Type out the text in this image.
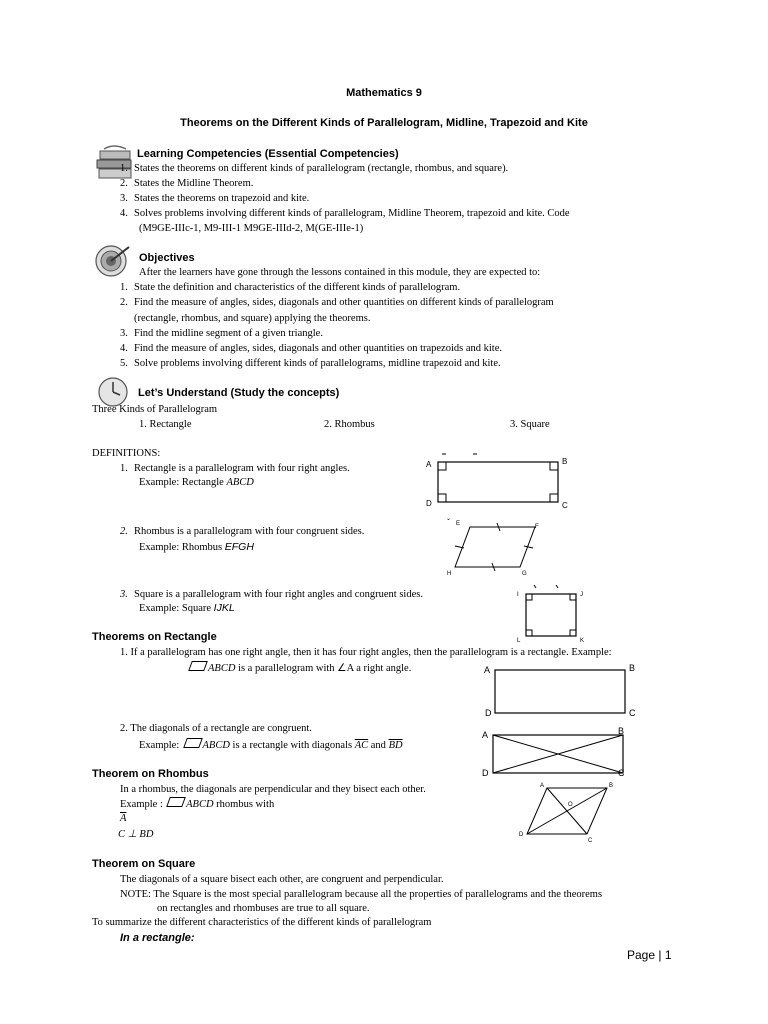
Mathematics 9
Theorems on the Different Kinds of Parallelogram, Midline, Trapezoid and Kite
Learning Competencies (Essential Competencies)
1. States the theorems on different kinds of parallelogram (rectangle, rhombus, and square).
2. States the Midline Theorem.
3. States the theorems on trapezoid and kite.
4. Solves problems involving different kinds of parallelogram, Midline Theorem, trapezoid and kite. Code
(M9GE-IIIc-1, M9-III-1 M9GE-IIId-2, M(GE-IIIe-1)
Objectives
After the learners have gone through the lessons contained in this module, they are expected to:
1. State the definition and characteristics of the different kinds of parallelogram.
2. Find the measure of angles, sides, diagonals and other quantities on different kinds of parallelogram
(rectangle, rhombus, and square) applying the theorems.
3. Find the midline segment of a given triangle.
4. Find the measure of angles, sides, diagonals and other quantities on trapezoids and kite.
5. Solve problems involving different kinds of parallelograms, midline trapezoid and kite.
Let’s Understand (Study the concepts)
Three Kinds of Parallelogram
1. Rectangle	2. Rhombus	3. Square
DEFINITIONS:
1. Rectangle is a parallelogram with four right angles.
Example: Rectangle ABCD
2. Rhombus is a parallelogram with four congruent sides.
Example: Rhombus EFGH
3. Square is a parallelogram with four right angles and congruent sides.
Example: Square IJKL
A	B
C
D
⌄
E	F
G
H
I	J
K
L
Theorems on Rectangle
1. If a parallelogram has one right angle, then it has four right angles, then the parallelogram is a rectangle. Example:
ABCD is a parallelogram with ∠A a right angle.	A	B
C
D
2. The diagonals of a rectangle are congruent.
Example: ABCD is a rectangle with diagonals $\overline{AC}$ and $\overline{BD}$
A	B
C
D
Theorem on Rhombus
In a rhombus, the diagonals are perpendicular and they bisect each other.
Example : ABCD rhombus with
$\overline{A}$
C ⊥ BD
A	B
C
D
O
Theorem on Square
The diagonals of a square bisect each other, are congruent and perpendicular.
NOTE: The Square is the most special parallelogram because all the properties of parallelograms and the theorems
on rectangles and rhombuses are true to all square.
To summarize the different characteristics of the different kinds of parallelogram
In a rectangle:
Page | 1
